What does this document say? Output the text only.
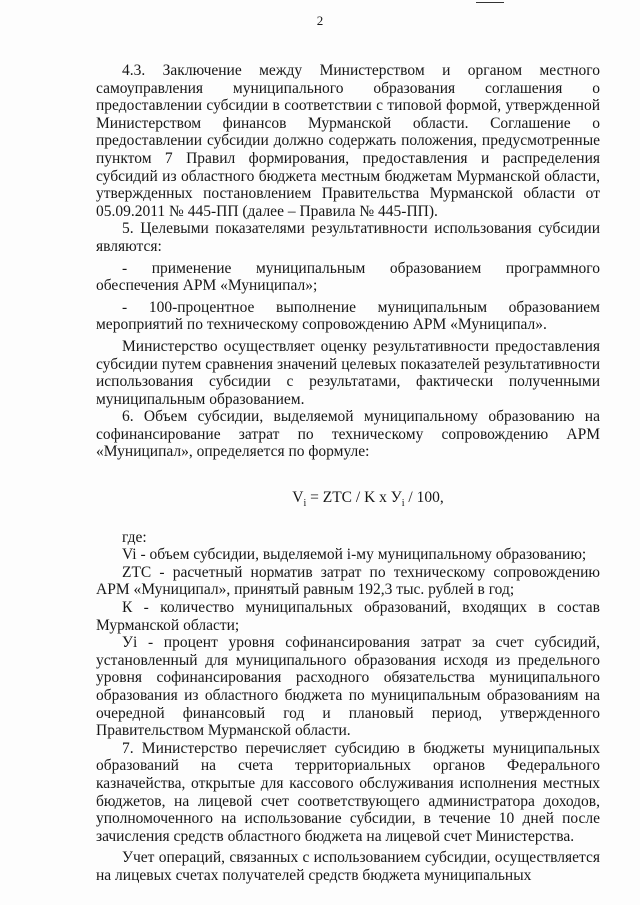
2

4.3. Заключение между Министерством и органом местного самоуправления муниципального образования соглашения о предоставлении субсидии в соответствии с типовой формой, утвержденной Министерством финансов Мурманской области. Соглашение о предоставлении субсидии должно содержать положения, предусмотренные пунктом 7 Правил формирования, предоставления и распределения субсидий из областного бюджета местным бюджетам Мурманской области, утвержденных постановлением Правительства Мурманской области от 05.09.2011 № 445-ПП (далее – Правила № 445-ПП).

5. Целевыми показателями результативности использования субсидии являются:

- применение муниципальным образованием программного обеспечения АРМ «Муниципал»;

- 100-процентное выполнение муниципальным образованием мероприятий по техническому сопровождению АРМ «Муниципал».

Министерство осуществляет оценку результативности предоставления субсидии путем сравнения значений целевых показателей результативности использования субсидии с результатами, фактически полученными муниципальным образованием.

6. Объем субсидии, выделяемой муниципальному образованию на софинансирование затрат по техническому сопровождению АРМ «Муниципал», определяется по формуле:

$V_i$ = ZTC / K x $У_i / 100$,

где:

Vi - объем субсидии, выделяемой i-му муниципальному образованию;

ZTC - расчетный норматив затрат по техническому сопровождению АРМ «Муниципал», принятый равным 192,3 тыс. рублей в год;

К - количество муниципальных образований, входящих в состав Мурманской области;

Уi - процент уровня софинансирования затрат за счет субсидий, установленный для муниципального образования исходя из предельного уровня софинансирования расходного обязательства муниципального образования из областного бюджета по муниципальным образованиям на очередной финансовый год и плановый период, утвержденного Правительством Мурманской области.

7. Министерство перечисляет субсидию в бюджеты муниципальных образований на счета территориальных органов Федерального казначейства, открытые для кассового обслуживания исполнения местных бюджетов, на лицевой счет соответствующего администратора доходов, уполномоченного на использование субсидии, в течение 10 дней после зачисления средств областного бюджета на лицевой счет Министерства.

Учет операций, связанных с использованием субсидии, осуществляется на лицевых счетах получателей средств бюджета муниципальных
